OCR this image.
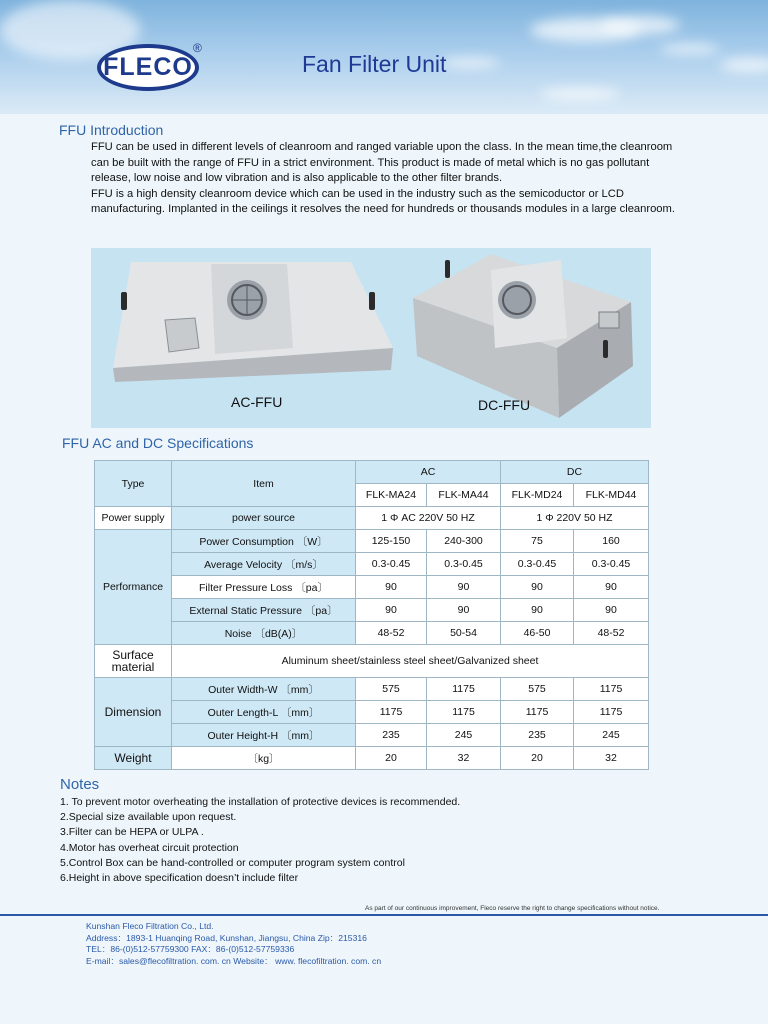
FLECO
®
Fan Filter Unit
FFU Introduction

FFU can be used in different levels of cleanroom and ranged variable upon the class. In the mean time,the cleanroom can be built with the range of FFU in a strict environment. This product is made of metal which is no gas pollutant release, low noise and low vibration and is also applicable to the other filter brands.

FFU is a high density cleanroom device which can be used in the industry such as the semicoductor or LCD manufacturing. Implanted in the ceilings it resolves the need for hundreds or thousands modules in a large cleanroom.

AC-FFU	DC-FFU
FFU AC and DC Specifications
Type	Item	AC		DC	
		FLK-MA24	FLK-MA44	FLK-MD24	FLK-MD44
Power supply	power source	1 Φ AC 220V 50 HZ		1 Φ 220V 50 HZ	
Performance	Power Consumption 〔W〕	125-150	240-300	75	160
	Average Velocity 〔m/s〕	0.3-0.45	0.3-0.45	0.3-0.45	0.3-0.45
	Filter Pressure Loss 〔pa〕	90	90	90	90
	External Static Pressure 〔pa〕	90	90	90	90
	Noise 〔dB(A)〕	48-52	50-54	46-50	48-52
Surface material	Aluminum sheet/stainless steel sheet/Galvanized sheet				
Dimension	Outer Width-W 〔mm〕	575	1175	575	1175
	Outer Length-L 〔mm〕	1175	1175	1175	1175
	Outer Height-H 〔mm〕	235	245	235	245
Weight	〔kg〕	20	32	20	32
Notes
1. To prevent motor overheating the installation of protective devices is recommended.
2.Special size available upon request.
3.Filter can be HEPA or ULPA .
4.Motor has overheat circuit protection
5.Control Box can be hand-controlled or computer program system control
6.Height in above specification doesn’t include filter
As part of our continuous improvement, Fleco reserve the right to change specifications without notice.
Kunshan Fleco Filtration Co., Ltd.
Address：1893-1 Huanqing Road, Kunshan, Jiangsu, China Zip：215316
TEL：86-(0)512-57759300 FAX：86-(0)512-57759336
E-mail：sales@flecofiltration. com. cn Website： www. flecofiltration. com. cn
